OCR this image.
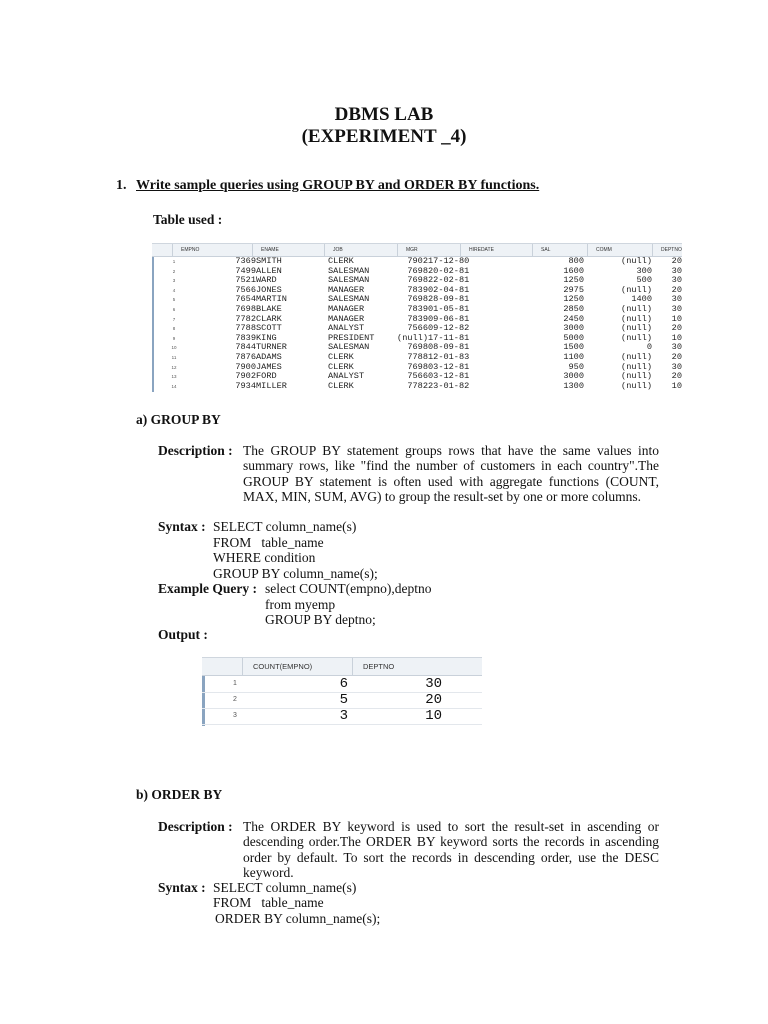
DBMS LAB
(EXPERIMENT _4)
1. Write sample queries using GROUP BY and ORDER BY functions.
Table used :
EMPNO	ENAME	JOB	MGR	HIREDATE	SAL	COMM	DEPTNO
1	7369 SMITH	CLERK	7902 17-12-80	800	(null)	20
2	7499 ALLEN	SALESMAN	7698 20-02-81	1600	300	30
3	7521 WARD	SALESMAN	7698 22-02-81	1250	500	30
4	7566 JONES	MANAGER	7839 02-04-81	2975	(null)	20
5	7654 MARTIN	SALESMAN	7698 28-09-81	1250	1400	30
6	7698 BLAKE	MANAGER	7839 01-05-81	2850	(null)	30
7	7782 CLARK	MANAGER	7839 09-06-81	2450	(null)	10
8	7788 SCOTT	ANALYST	7566 09-12-82	3000	(null)	20
9	7839 KING	PRESIDENT	(null) 17-11-81	5000	(null)	10
10	7844 TURNER	SALESMAN	7698 08-09-81	1500	0	30
11	7876 ADAMS	CLERK	7788 12-01-83	1100	(null)	20
12	7900 JAMES	CLERK	7698 03-12-81	950	(null)	30
13	7902 FORD	ANALYST	7566 03-12-81	3000	(null)	20
14	7934 MILLER	CLERK	7782 23-01-82	1300	(null)	10
a) GROUP BY
Description : The GROUP BY statement groups rows that have the same values into summary rows, like "find the number of customers in each country".The GROUP BY statement is often used with aggregate functions (COUNT, MAX, MIN, SUM, AVG) to group the result-set by one or more columns.
Syntax : SELECT column_name(s)
FROM   table_name
WHERE condition
GROUP BY column_name(s);
Example Query : select COUNT(empno),deptno
from myemp
GROUP BY deptno;
Output :
COUNT(EMPNO)	DEPTNO
1	6	30
2	5	20
3	3	10
b) ORDER BY
Description : The ORDER BY keyword is used to sort the result-set in ascending or descending order.The ORDER BY keyword sorts the records in ascending order by default. To sort the records in descending order, use the DESC keyword.
Syntax : SELECT column_name(s)
FROM   table_name
ORDER BY column_name(s);
